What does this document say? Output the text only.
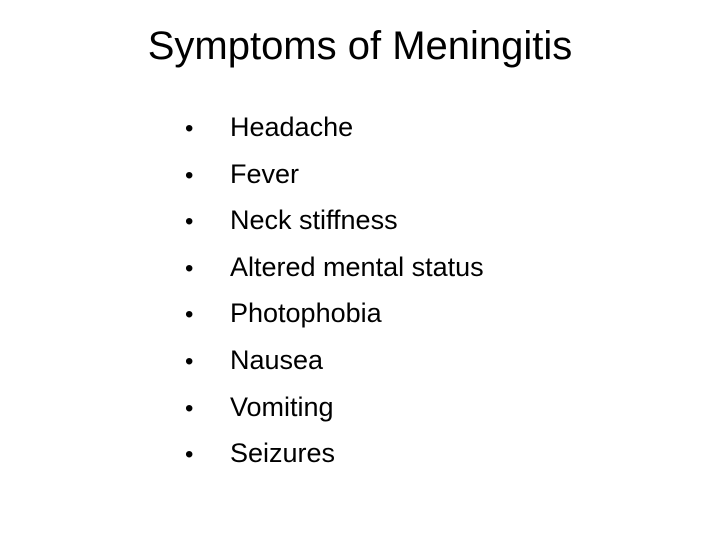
Symptoms of Meningitis
•	Headache
•	Fever
•	Neck stiffness
•	Altered mental status
•	Photophobia
•	Nausea
•	Vomiting
•	Seizures
